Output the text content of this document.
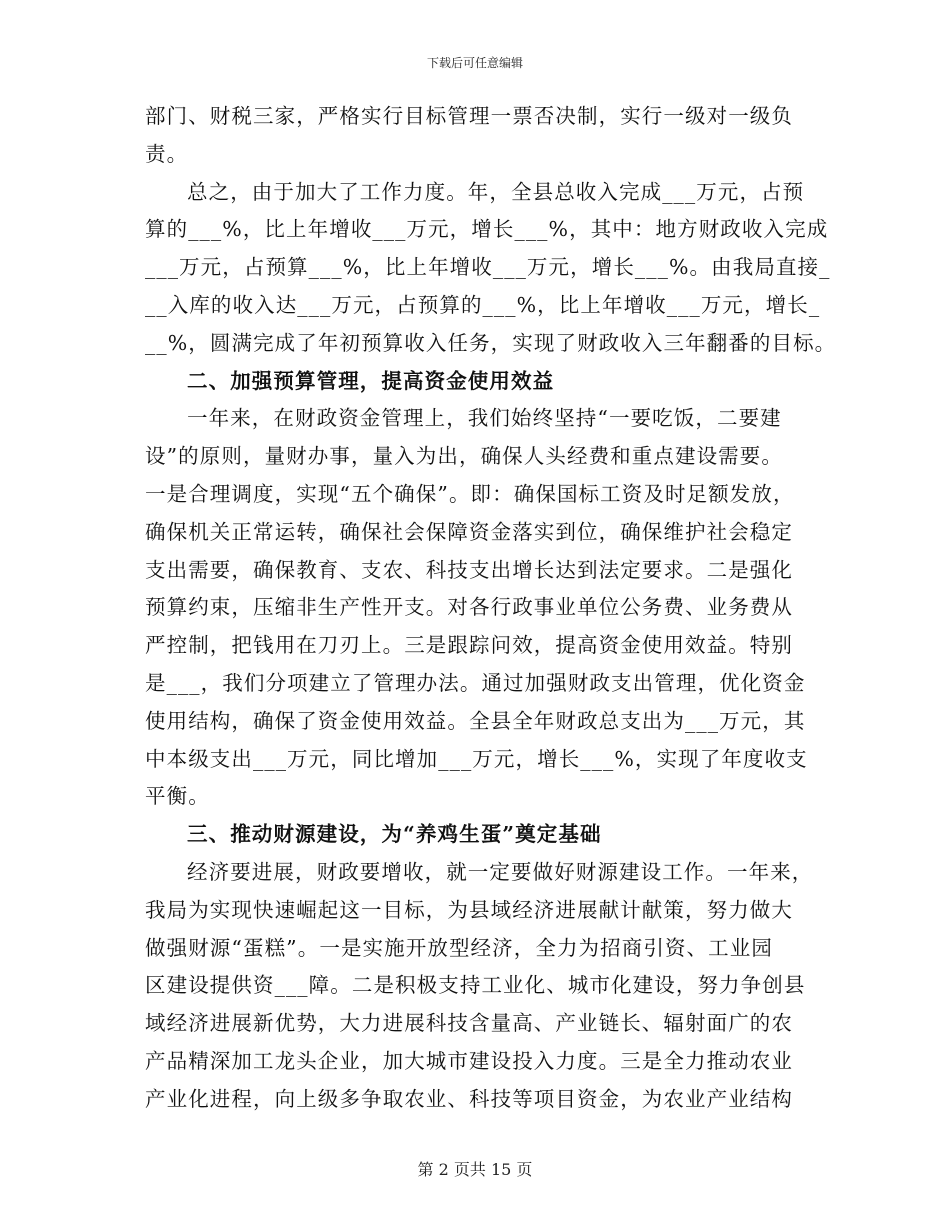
下载后可任意编辑
部门、财税三家，严格实行目标管理一票否决制，实行一级对一级负
责。
总之，由于加大了工作力度。年，全县总收入完成___万元，占预
算的___%，比上年增收___万元，增长___%，其中：地方财政收入完成
___万元，占预算___%，比上年增收___万元，增长___%。由我局直接_
__入库的收入达___万元，占预算的___%，比上年增收___万元，增长_
__%，圆满完成了年初预算收入任务，实现了财政收入三年翻番的目标。
二、加强预算管理，提高资金使用效益
一年来，在财政资金管理上，我们始终坚持“一要吃饭，二要建
设”的原则，量财办事，量入为出，确保人头经费和重点建设需要。
一是合理调度，实现“五个确保”。即：确保国标工资及时足额发放，
确保机关正常运转，确保社会保障资金落实到位，确保维护社会稳定
支出需要，确保教育、支农、科技支出增长达到法定要求。二是强化
预算约束，压缩非生产性开支。对各行政事业单位公务费、业务费从
严控制，把钱用在刀刃上。三是跟踪问效，提高资金使用效益。特别
是___，我们分项建立了管理办法。通过加强财政支出管理，优化资金
使用结构，确保了资金使用效益。全县全年财政总支出为___万元，其
中本级支出___万元，同比增加___万元，增长___%，实现了年度收支
平衡。
三、推动财源建设，为“养鸡生蛋”奠定基础
经济要进展，财政要增收，就一定要做好财源建设工作。一年来，
我局为实现快速崛起这一目标，为县域经济进展献计献策，努力做大
做强财源“蛋糕”。一是实施开放型经济，全力为招商引资、工业园
区建设提供资___障。二是积极支持工业化、城市化建设，努力争创县
域经济进展新优势，大力进展科技含量高、产业链长、辐射面广的农
产品精深加工龙头企业，加大城市建设投入力度。三是全力推动农业
产业化进程，向上级多争取农业、科技等项目资金，为农业产业结构
第 2 页共 15 页
